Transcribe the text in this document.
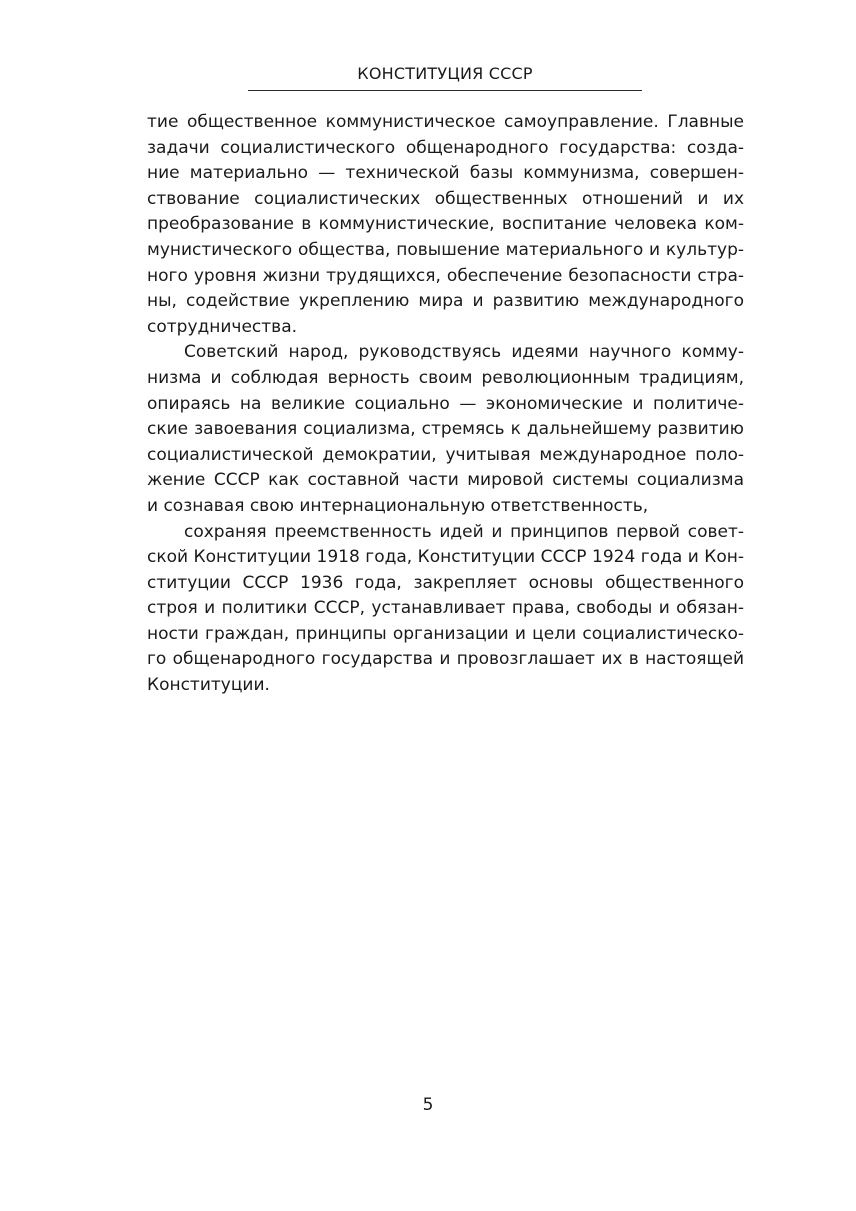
КОНСТИТУЦИЯ СССР
тие общественное коммунистическое самоуправление. Главные
задачи социалистического общенародного государства: созда-
ние материально — технической базы коммунизма, совершен-
ствование социалистических общественных отношений и их
преобразование в коммунистические, воспитание человека ком-
мунистического общества, повышение материального и культур-
ного уровня жизни трудящихся, обеспечение безопасности стра-
ны, содействие укреплению мира и развитию международного
сотрудничества.
Советский народ, руководствуясь идеями научного комму-
низма и соблюдая верность своим революционным традициям,
опираясь на великие социально — экономические и политиче-
ские завоевания социализма, стремясь к дальнейшему развитию
социалистической демократии, учитывая международное поло-
жение СССР как составной части мировой системы социализма
и сознавая свою интернациональную ответственность,
сохраняя преемственность идей и принципов первой совет-
ской Конституции 1918 года, Конституции СССР 1924 года и Кон-
ституции СССР 1936 года, закрепляет основы общественного
строя и политики СССР, устанавливает права, свободы и обязан-
ности граждан, принципы организации и цели социалистическо-
го общенародного государства и провозглашает их в настоящей
Конституции.
5
